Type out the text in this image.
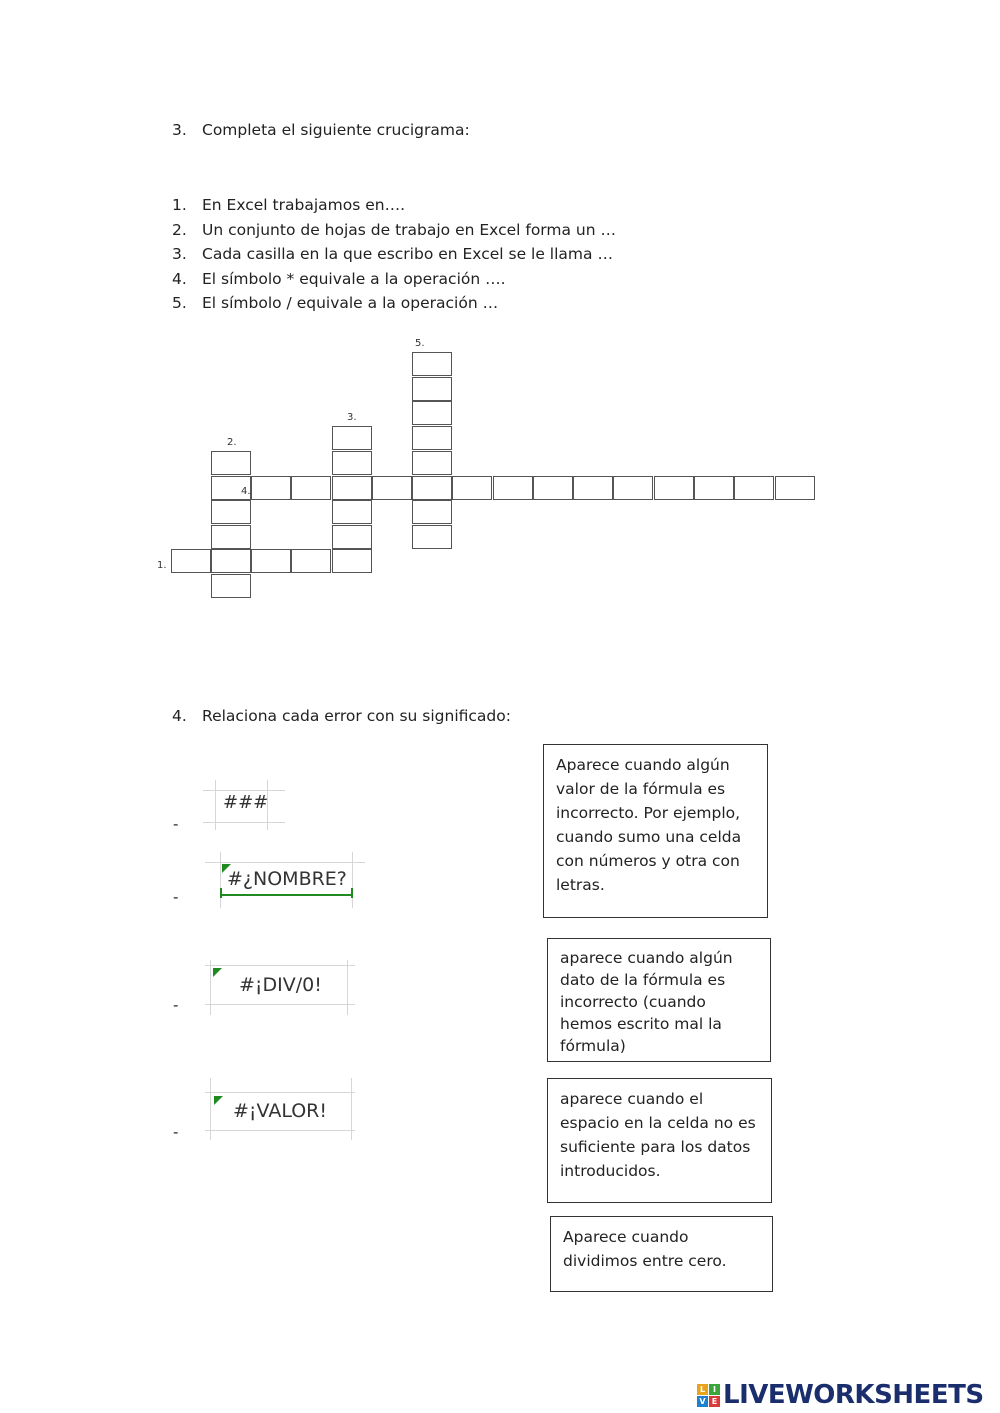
3. Completa el siguiente crucigrama:
1. En Excel trabajamos en….
2. Un conjunto de hojas de trabajo en Excel forma un …
3. Cada casilla en la que escribo en Excel se le llama …
4. El símbolo * equivale a la operación ….
5. El símbolo / equivale a la operación …
5.
3.
2.
4.
1.
4. Relaciona cada error con su significado:
-
###
-
#¿NOMBRE?
-
#¡DIV/0!
-
#¡VALOR!
Aparece cuando algún valor de la fórmula es incorrecto. Por ejemplo, cuando sumo una celda con números y otra con letras.
aparece cuando algún dato de la fórmula es incorrecto (cuando hemos escrito mal la fórmula)
aparece cuando el espacio en la celda no es suficiente para los datos introducidos.
Aparece cuando dividimos entre cero.
L I
V E LIVEWORKSHEETS
